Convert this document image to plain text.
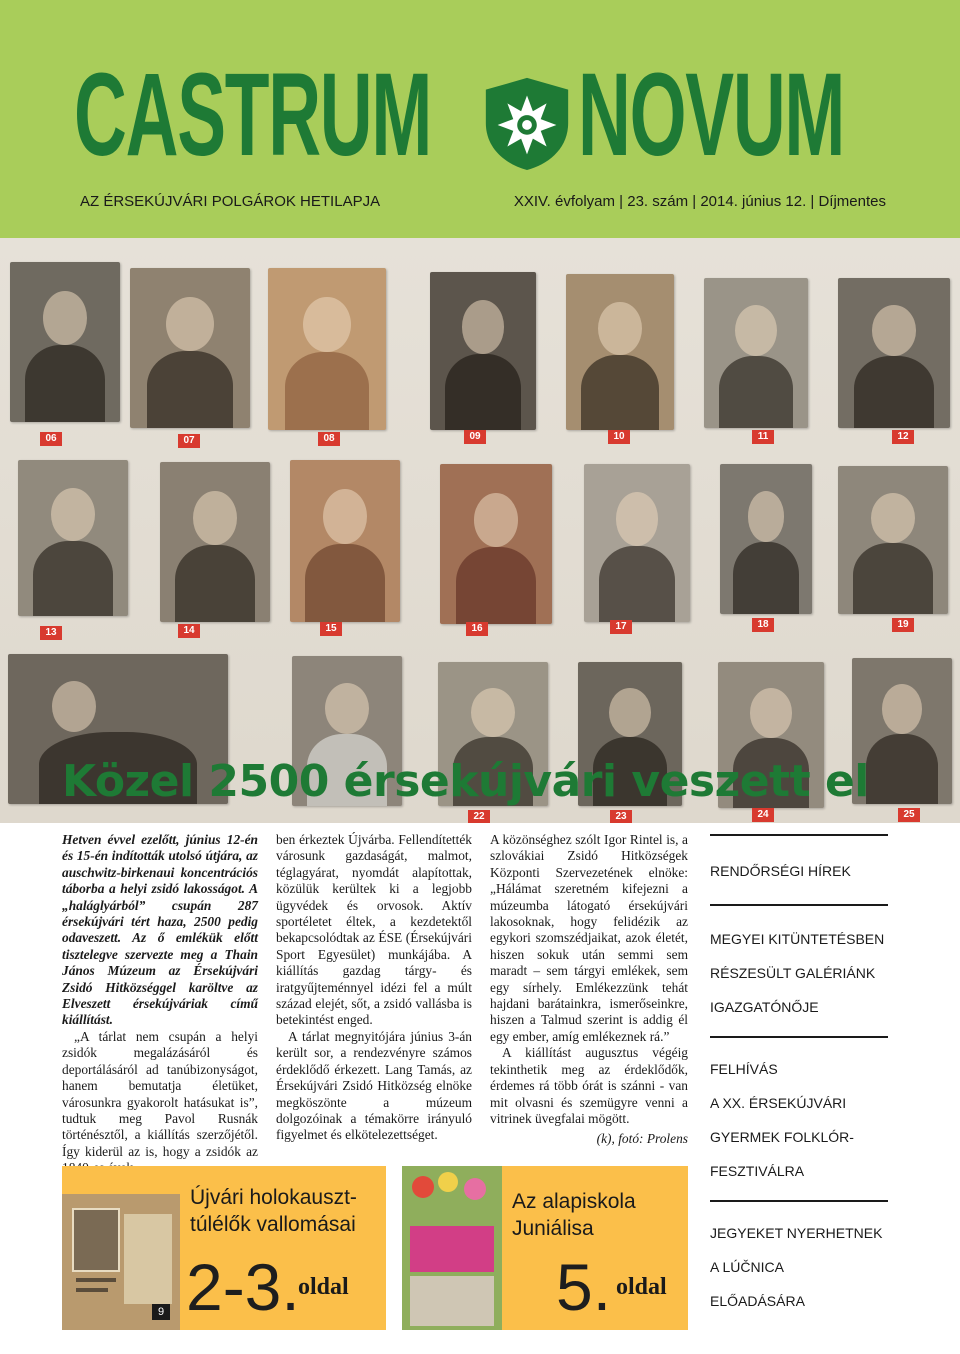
CASTRUM NOVUM
AZ ÉRSEKÚJVÁRI POLGÁROK HETILAPJA	XXIV. évfolyam | 23. szám | 2014. június 12. | Díjmentes
06	07	08	09	10	11	12
13	14	15	16	17	18	19
22	23	24	25
Közel 2500 érsekújvári veszett el

Hetven évvel ezelőtt, június 12-én és 15-én indították utolsó útjára, az auschwitz-birkenaui koncentrációs táborba a helyi zsidó lakosságot. A „haláglyárból” csupán 287 érsekújvári tért haza, 2500 pedig odaveszett. Az ő emlékük előtt tisztelegve szervezte meg a Thain János Múzeum az Érsekújvári Zsidó Hitközséggel karöltve az Elveszett érsekújváriak című kiállítást.

„A tárlat nem csupán a helyi zsidók megalázásáról és deportálásáról ad tanúbizonyságot, hanem bemutatja életüket, városunkra gyakorolt hatásukat is”, tudtuk meg Pavol Rusnák történésztől, a kiállítás szerzőjétől. Így kiderül az is, hogy a zsidók az

ben érkeztek Újvárba. Fellendítették városunk gazdaságát, malmot, téglagyárat, nyomdát alapítottak, közülük kerültek ki a legjobb ügyvédek és orvosok. Aktív sportéletet éltek, a kezdetektől bekapcsolódtak az ÉSE (Érsekújvári Sport Egyesület) munkájába. A kiállítás gazdag tárgy- és iratgyűjteménnyel idézi fel a múlt század elejét, sőt, a zsidó vallásba is betekintést enged.

A tárlat megnyitójára június 3-án került sor, a rendezvényre számos érdeklődő érkezett. Lang Tamás, az Érsekújvári Zsidó Hitközség elnöke megköszönte a múzeum dolgozóinak a témakörre irányuló figyelmet és elkötelezettséget.

A közönséghez szólt Igor Rintel is, a szlovákiai Zsidó Hitközségek Központi Szervezetének elnöke: „Hálámat szeretném kifejezni a múzeumba látogató érsekújvári lakosoknak, hogy felidézik az egykori szomszédjaikat, azok életét, hiszen sokuk után semmi sem maradt – sem tárgyi emlékek, sem egy sírhely. Emlékezzünk tehát hajdani barátainkra, ismerőseinkre, hiszen a Talmud szerint is addig él egy ember, amíg emlékeznek rá.”

A kiállítást augusztus végéig tekinthetik meg az érdeklődők, érdemes rá több órát is szánni - van mit olvasni és szemügyre venni a vitrinek üvegfalai mögött.

(k), fotó: Prolens

RENDŐRSÉGI HÍREK

MEGYEI KITÜNTETÉSBEN

RÉSZESÜLT GALÉRIÁNK

IGAZGATÓNŐJE

FELHÍVÁS

A XX. ÉRSEKÚJVÁRI

GYERMEK FOLKLÓR-

FESZTIVÁLRA

JEGYEKET NYERHETNEK

A LÚČNICA

ELŐADÁSÁRA

9
Újvári holokauszt-
túlélők vallomásai
2-3.
oldal
Az alapiskola
Juniálisa
5. oldal
